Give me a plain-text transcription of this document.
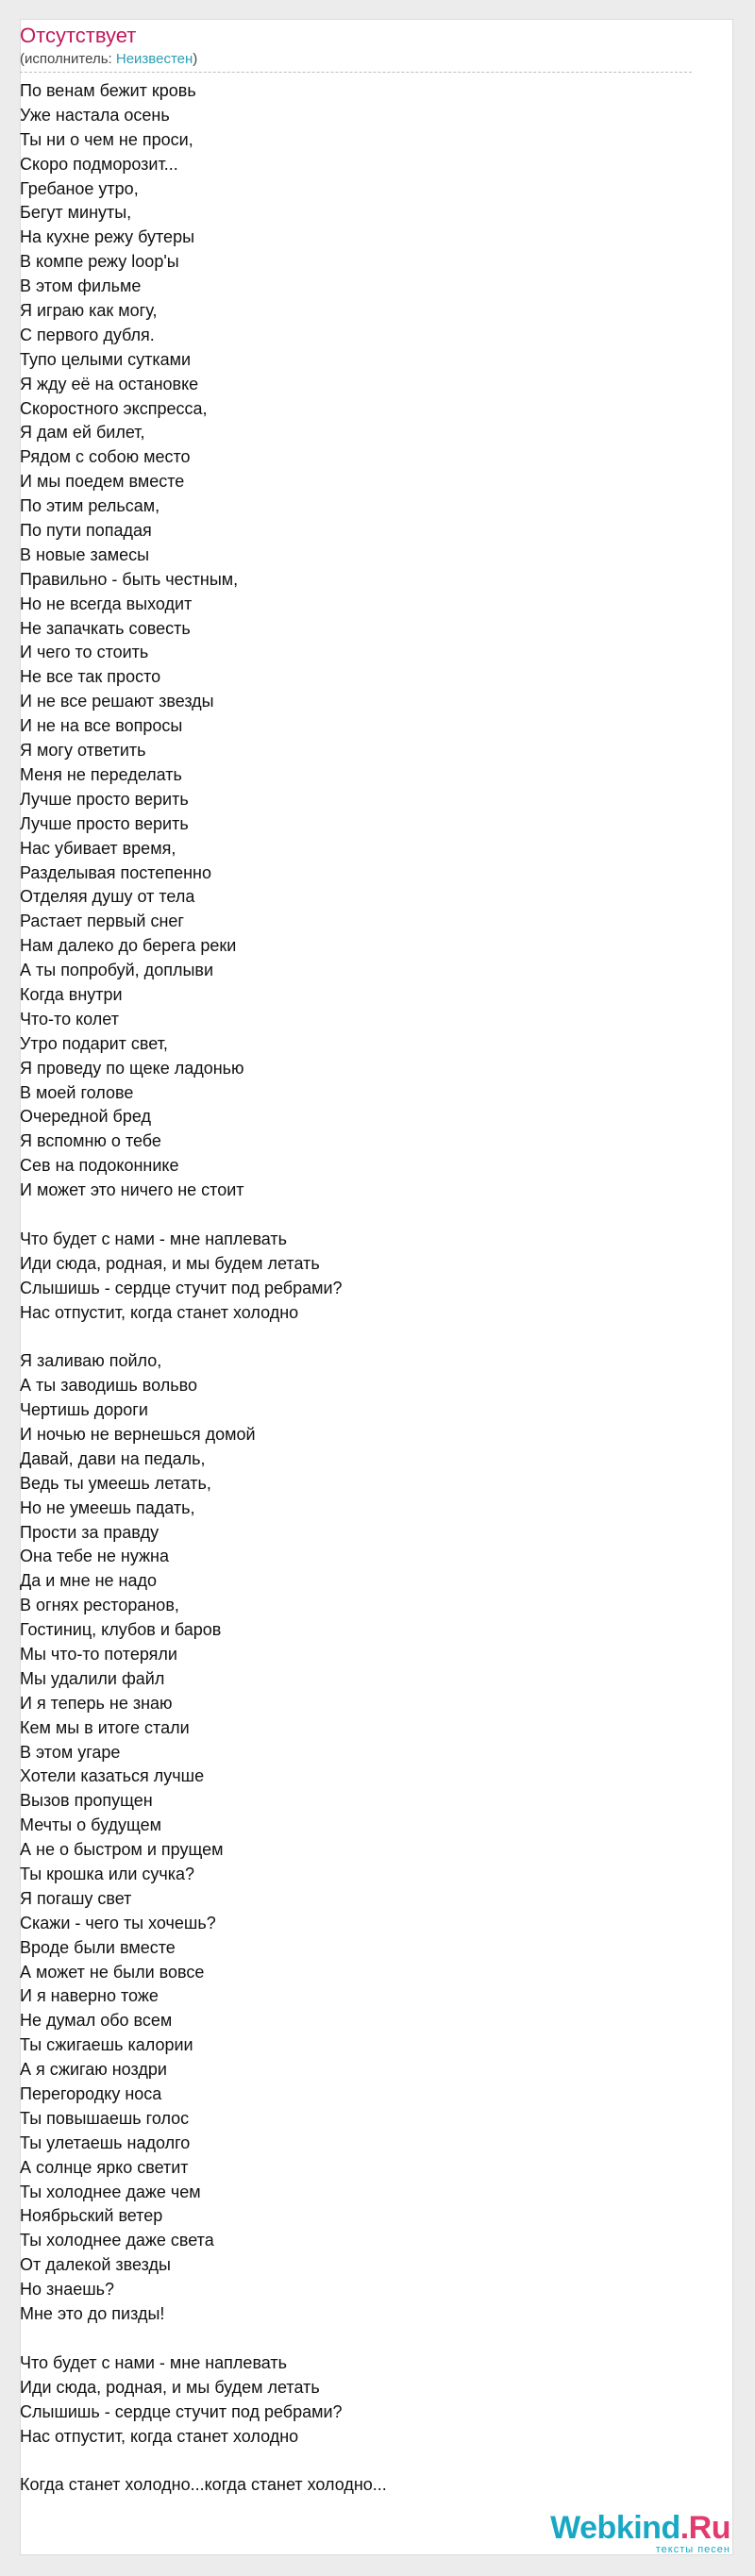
Отсутствует
(исполнитель: Неизвестен)
По венам бежит кровь
Уже настала осень
Ты ни о чем не проси,
Скоро подморозит...
Гребаное утро,
Бегут минуты,
На кухне режу бутеры
В компе режу loop'ы
В этом фильме
Я играю как могу,
С первого дубля.
Тупо целыми сутками
Я жду её на остановке
Скоростного экспресса,
Я дам ей билет,
Рядом с собою место
И мы поедем вместе
По этим рельсам,
По пути попадая
В новые замесы
Правильно - быть честным,
Но не всегда выходит
Не запачкать совесть
И чего то стоить
Не все так просто
И не все решают звезды
И не на все вопросы
Я могу ответить
Меня не переделать
Лучше просто верить
Лучше просто верить
Нас убивает время,
Разделывая постепенно
Отделяя душу от тела
Растает первый снег
Нам далеко до берега реки
А ты попробуй, доплыви
Когда внутри
Что-то колет
Утро подарит свет,
Я проведу по щеке ладонью
В моей голове
Очередной бред
Я вспомню о тебе
Сев на подоконнике
И может это ничего не стоит
Что будет с нами - мне наплевать
Иди сюда, родная, и мы будем летать
Слышишь - сердце стучит под ребрами?
Нас отпустит, когда станет холодно
Я заливаю пойло,
А ты заводишь вольво
Чертишь дороги
И ночью не вернешься домой
Давай, дави на педаль,
Ведь ты умеешь летать,
Но не умеешь падать,
Прости за правду
Она тебе не нужна
Да и мне не надо
В огнях ресторанов,
Гостиниц, клубов и баров
Мы что-то потеряли
Мы удалили файл
И я теперь не знаю
Кем мы в итоге стали
В этом угаре
Хотели казаться лучше
Вызов пропущен
Мечты о будущем
А не о быстром и прущем
Ты крошка или сучка?
Я погашу свет
Скажи - чего ты хочешь?
Вроде были вместе
А может не были вовсе
И я наверно тоже
Не думал обо всем
Ты сжигаешь калории
А я сжигаю ноздри
Перегородку носа
Ты повышаешь голос
Ты улетаешь надолго
А солнце ярко светит
Ты холоднее даже чем
Ноябрьский ветер
Ты холоднее даже света
От далекой звезды
Но знаешь?
Мне это до пизды!
Что будет с нами - мне наплевать
Иди сюда, родная, и мы будем летать
Слышишь - сердце стучит под ребрами?
Нас отпустит, когда станет холодно
Когда станет холодно...когда станет холодно...
Webkind.Ru
тексты песен
